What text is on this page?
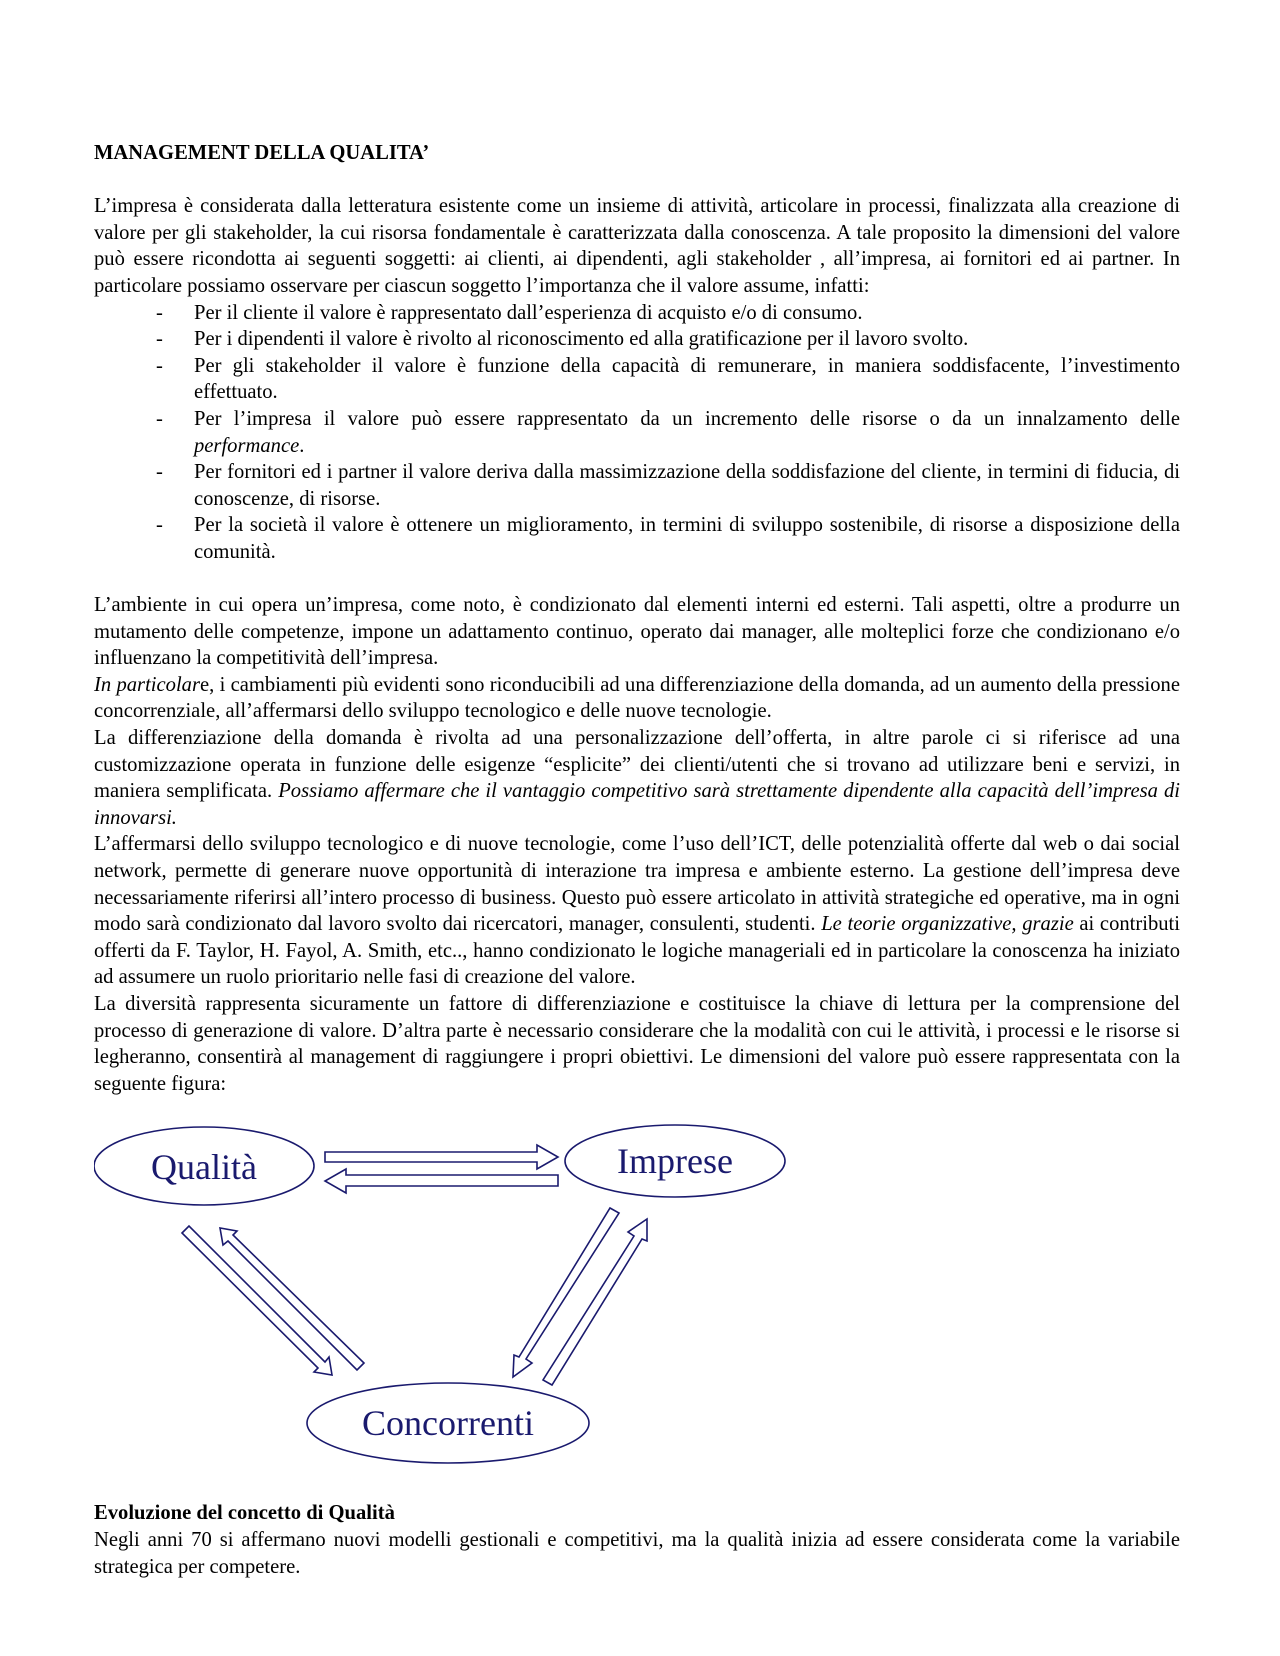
MANAGEMENT DELLA QUALITA’

L’impresa è considerata dalla letteratura esistente come un insieme di attività, articolare in processi, finalizzata alla creazione di valore per gli stakeholder, la cui risorsa fondamentale è caratterizzata dalla conoscenza. A tale proposito la dimensioni del valore può essere ricondotta ai seguenti soggetti: ai clienti, ai dipendenti, agli stakeholder , all’impresa, ai fornitori ed ai partner. In particolare possiamo osservare per ciascun soggetto l’importanza che il valore assume, infatti:

- Per il cliente il valore è rappresentato dall’esperienza di acquisto e/o di consumo.
- Per i dipendenti il valore è rivolto al riconoscimento ed alla gratificazione per il lavoro svolto.
- Per gli stakeholder il valore è funzione della capacità di remunerare, in maniera soddisfacente, l’investimento effettuato.
- Per l’impresa il valore può essere rappresentato da un incremento delle risorse o da un innalzamento delle performance.
- Per fornitori ed i partner il valore deriva dalla massimizzazione della soddisfazione del cliente, in termini di fiducia, di conoscenze, di risorse.
- Per la società il valore è ottenere un miglioramento, in termini di sviluppo sostenibile, di risorse a disposizione della comunità.

L’ambiente in cui opera un’impresa, come noto, è condizionato dal elementi interni ed esterni. Tali aspetti, oltre a produrre un mutamento delle competenze, impone un adattamento continuo, operato dai manager, alle molteplici forze che condizionano e/o influenzano la competitività dell’impresa.

In particolare, i cambiamenti più evidenti sono riconducibili ad una differenziazione della domanda, ad un aumento della pressione concorrenziale, all’affermarsi dello sviluppo tecnologico e delle nuove tecnologie.

La differenziazione della domanda è rivolta ad una personalizzazione dell’offerta, in altre parole ci si riferisce ad una customizzazione operata in funzione delle esigenze “esplicite” dei clienti/utenti che si trovano ad utilizzare beni e servizi, in maniera semplificata. Possiamo affermare che il vantaggio competitivo sarà strettamente dipendente alla capacità dell’impresa di innovarsi.

L’affermarsi dello sviluppo tecnologico e di nuove tecnologie, come l’uso dell’ICT, delle potenzialità offerte dal web o dai social network, permette di generare nuove opportunità di interazione tra impresa e ambiente esterno. La gestione dell’impresa deve necessariamente riferirsi all’intero processo di business. Questo può essere articolato in attività strategiche ed operative, ma in ogni modo sarà condizionato dal lavoro svolto dai ricercatori, manager, consulenti, studenti. Le teorie organizzative, grazie ai contributi offerti da F. Taylor, H. Fayol, A. Smith, etc.., hanno condizionato le logiche manageriali ed in particolare la conoscenza ha iniziato ad assumere un ruolo prioritario nelle fasi di creazione del valore.

La diversità rappresenta sicuramente un fattore di differenziazione e costituisce la chiave di lettura per la comprensione del processo di generazione di valore. D’altra parte è necessario considerare che la modalità con cui le attività, i processi e le risorse si legheranno, consentirà al management di raggiungere i propri obiettivi. Le dimensioni del valore può essere rappresentata con la seguente figura:

Qualità	Imprese
Concorrenti
Evoluzione del concetto di Qualità

Negli anni 70 si affermano nuovi modelli gestionali e competitivi, ma la qualità inizia ad essere considerata come la variabile strategica per competere.
